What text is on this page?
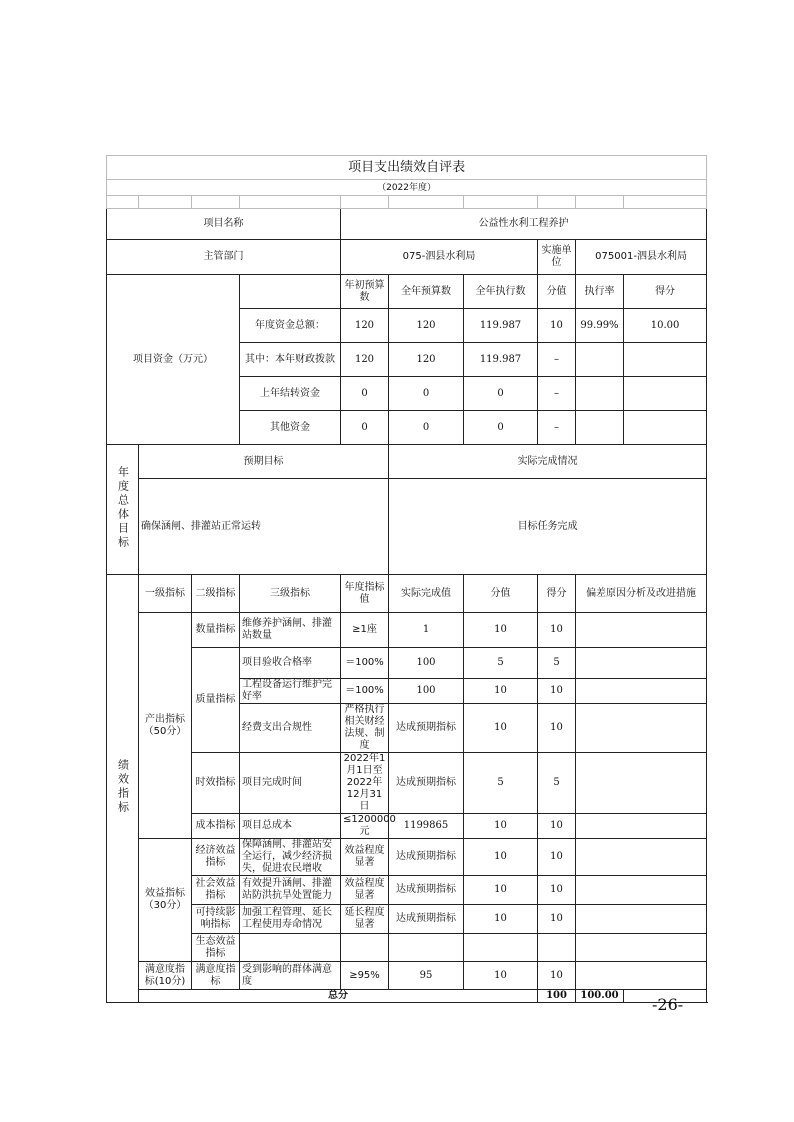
项目支出绩效自评表									
（2022年度）									

项目名称				公益性水利工程养护					
主管部门				075-泗县水利局			实施单位	075001-泗县水利局	
项目资金（万元）				年初预算数	全年预算数	全年执行数	分值	执行率	得分
			年度资金总额：	120	120	119.987	10	99.99%	10.00
			其中：本年财政拨款	120	120	119.987	–		
			上年结转资金	0	0	0	–		
			其他资金	0	0	0	–		
年度总体目标	预期目标				实际完成情况				
	确保涵闸、排灌站正常运转				目标任务完成				
绩效指标	一级指标	二级指标	三级指标	年度指标值	实际完成值	分值	得分	偏差原因分析及改进措施	
	产出指标（50分）	数量指标	维修养护涵闸、排灌站数量	≥1座	1	10	10		
		质量指标	项目验收合格率	＝100%	100	5	5		
			工程设备运行维护完好率	＝100%	100	10	10		
			经费支出合规性	严格执行相关财经法规、制度	达成预期指标	10	10		
		时效指标	项目完成时间	2022年1月1日至2022年12月31日	达成预期指标	5	5		
		成本指标	项目总成本	≤1200000元	1199865	10	10		
	效益指标（30分）	经济效益指标	保障涵闸、排灌站安全运行，减少经济损失，促进农民增收	效益程度显著	达成预期指标	10	10		
		社会效益指标	有效提升涵闸、排灌站防洪抗旱处置能力	效益程度显著	达成预期指标	10	10		
		可持续影响指标	加强工程管理、延长工程使用寿命情况	延长程度显著	达成预期指标	10	10		
		生态效益指标							
	满意度指标(10分)	满意度指标	受到影响的群体满意度	≥95%	95	10	10		
	总分						100	100.00	-26-
